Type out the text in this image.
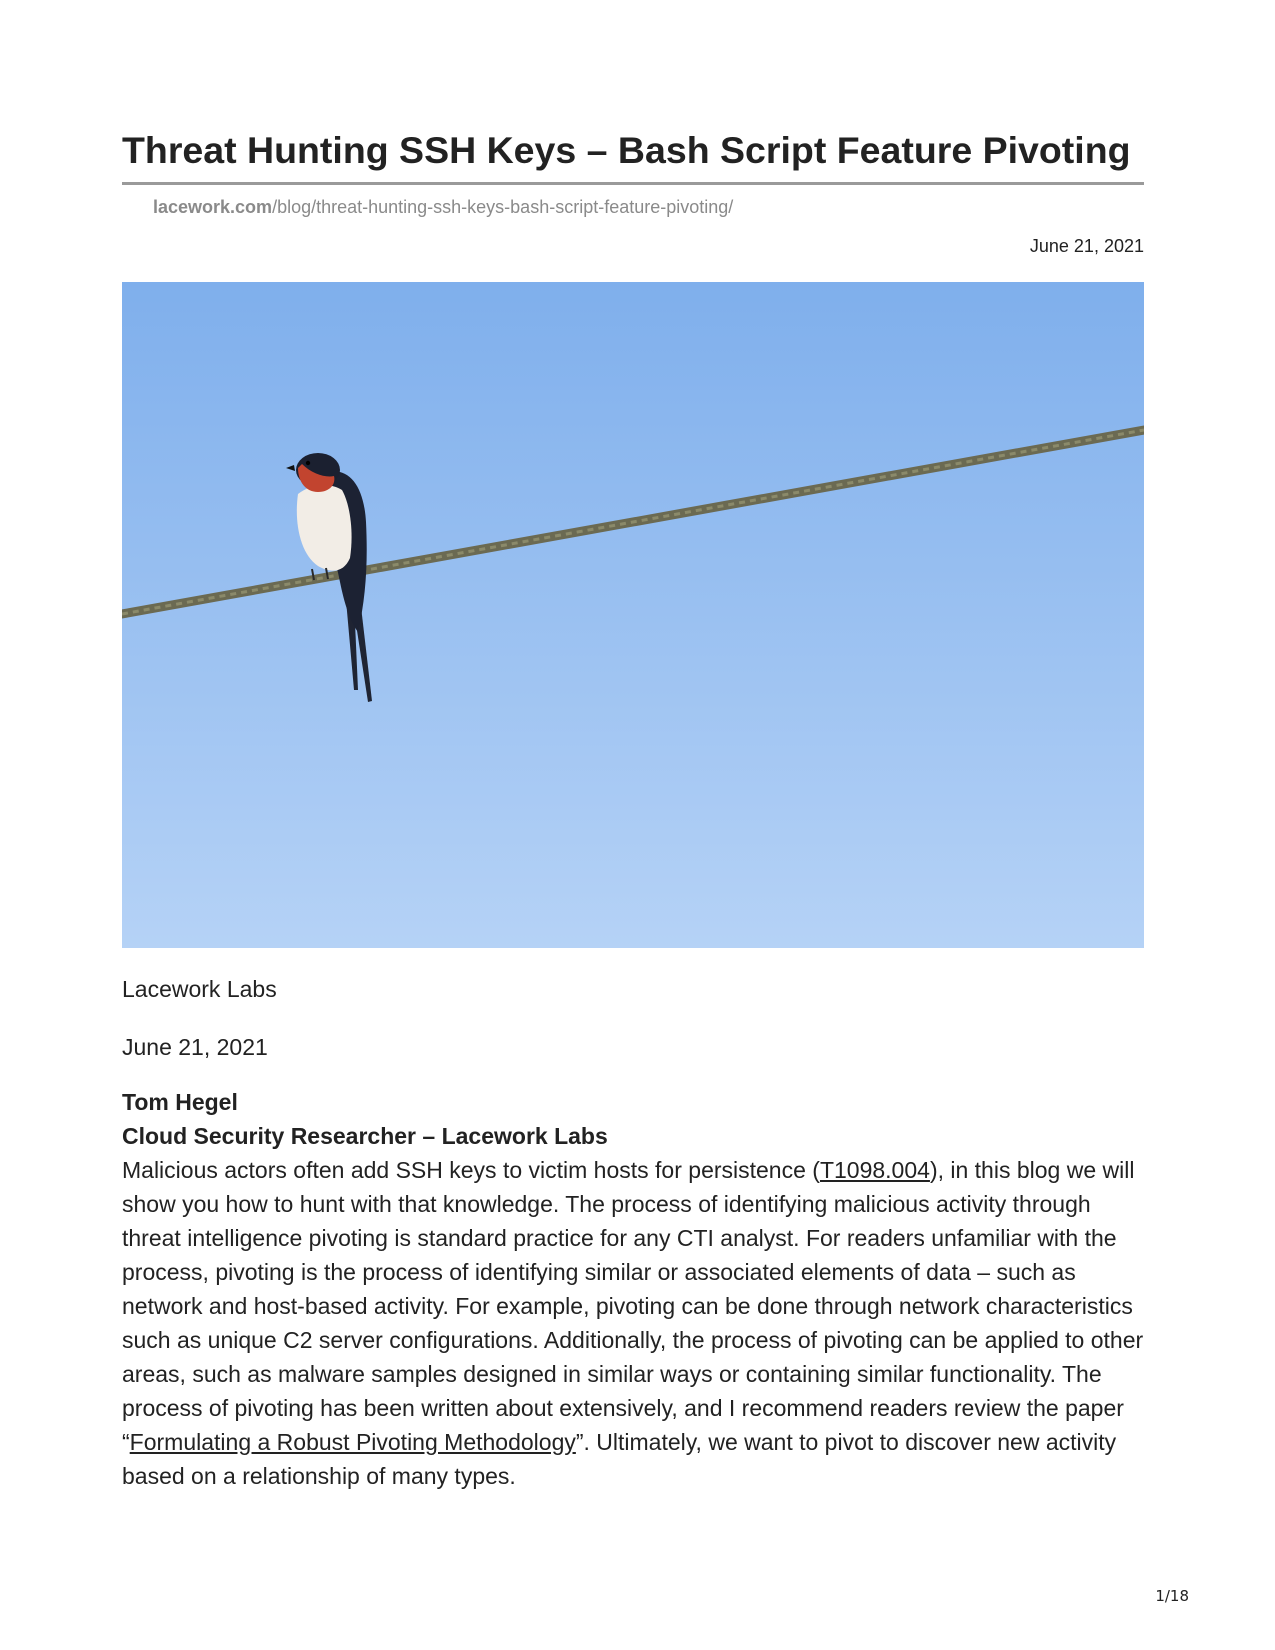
Threat Hunting SSH Keys – Bash Script Feature Pivoting
lacework.com/blog/threat-hunting-ssh-keys-bash-script-feature-pivoting/
June 21, 2021
Lacework Labs
June 21, 2021
Tom Hegel
Cloud Security Researcher – Lacework Labs
Malicious actors often add SSH keys to victim hosts for persistence (T1098.004), in this blog we will show you how to hunt with that knowledge. The process of identifying malicious activity through threat intelligence pivoting is standard practice for any CTI analyst. For readers unfamiliar with the process, pivoting is the process of identifying similar or associated elements of data – such as network and host-based activity. For example, pivoting can be done through network characteristics such as unique C2 server configurations. Additionally, the process of pivoting can be applied to other areas, such as malware samples designed in similar ways or containing similar functionality. The process of pivoting has been written about extensively, and I recommend readers review the paper “Formulating a Robust Pivoting Methodology”. Ultimately, we want to pivot to discover new activity based on a relationship of many types.
1/18
